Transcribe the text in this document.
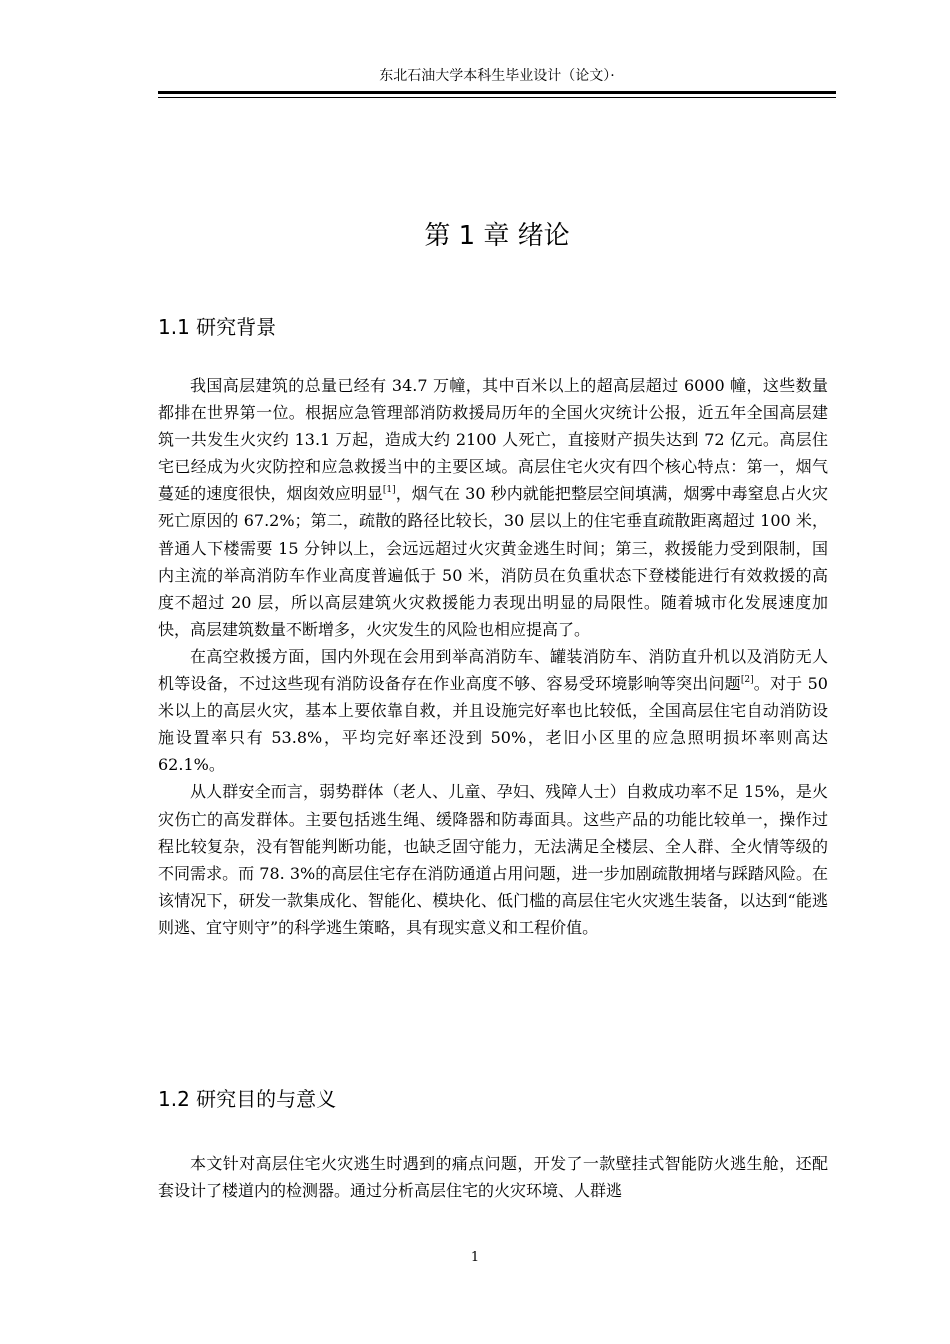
东北石油大学本科生毕业设计（论文）·
第 1 章 绪论
1.1 研究背景

我国高层建筑的总量已经有 34.7 万幢，其中百米以上的超高层超过 6000 幢，这些数量都排在世界第一位。根据应急管理部消防救援局历年的全国火灾统计公报，近五年全国高层建筑一共发生火灾约 13.1 万起，造成大约 2100 人死亡，直接财产损失达到 72 亿元。高层住宅已经成为火灾防控和应急救援当中的主要区域。高层住宅火灾有四个核心特点：第一，烟气蔓延的速度很快，烟囱效应明显[1]，烟气在 30 秒内就能把整层空间填满，烟雾中毒窒息占火灾死亡原因的 67.2%；第二，疏散的路径比较长，30 层以上的住宅垂直疏散距离超过 100 米，普通人下楼需要 15 分钟以上，会远远超过火灾黄金逃生时间；第三，救援能力受到限制，国内主流的举高消防车作业高度普遍低于 50 米，消防员在负重状态下登楼能进行有效救援的高度不超过 20 层，所以高层建筑火灾救援能力表现出明显的局限性。随着城市化发展速度加快，高层建筑数量不断增多，火灾发生的风险也相应提高了。

在高空救援方面，国内外现在会用到举高消防车、罐装消防车、消防直升机以及消防无人机等设备，不过这些现有消防设备存在作业高度不够、容易受环境影响等突出问题[2]。对于 50 米以上的高层火灾，基本上要依靠自救，并且设施完好率也比较低，全国高层住宅自动消防设施设置率只有 53.8%，平均完好率还没到 50%，老旧小区里的应急照明损坏率则高达 62.1%。

从人群安全而言，弱势群体（老人、儿童、孕妇、残障人士）自救成功率不足 15%，是火灾伤亡的高发群体。主要包括逃生绳、缓降器和防毒面具。这些产品的功能比较单一，操作过程比较复杂，没有智能判断功能，也缺乏固守能力，无法满足全楼层、全人群、全火情等级的不同需求。而 78. 3%的高层住宅存在消防通道占用问题，进一步加剧疏散拥堵与踩踏风险。在该情况下，研发一款集成化、智能化、模块化、低门槛的高层住宅火灾逃生装备，以达到“能逃则逃、宜守则守”的科学逃生策略，具有现实意义和工程价值。

1.2 研究目的与意义

本文针对高层住宅火灾逃生时遇到的痛点问题，开发了一款壁挂式智能防火逃生舱，还配套设计了楼道内的检测器。通过分析高层住宅的火灾环境、人群逃

1
